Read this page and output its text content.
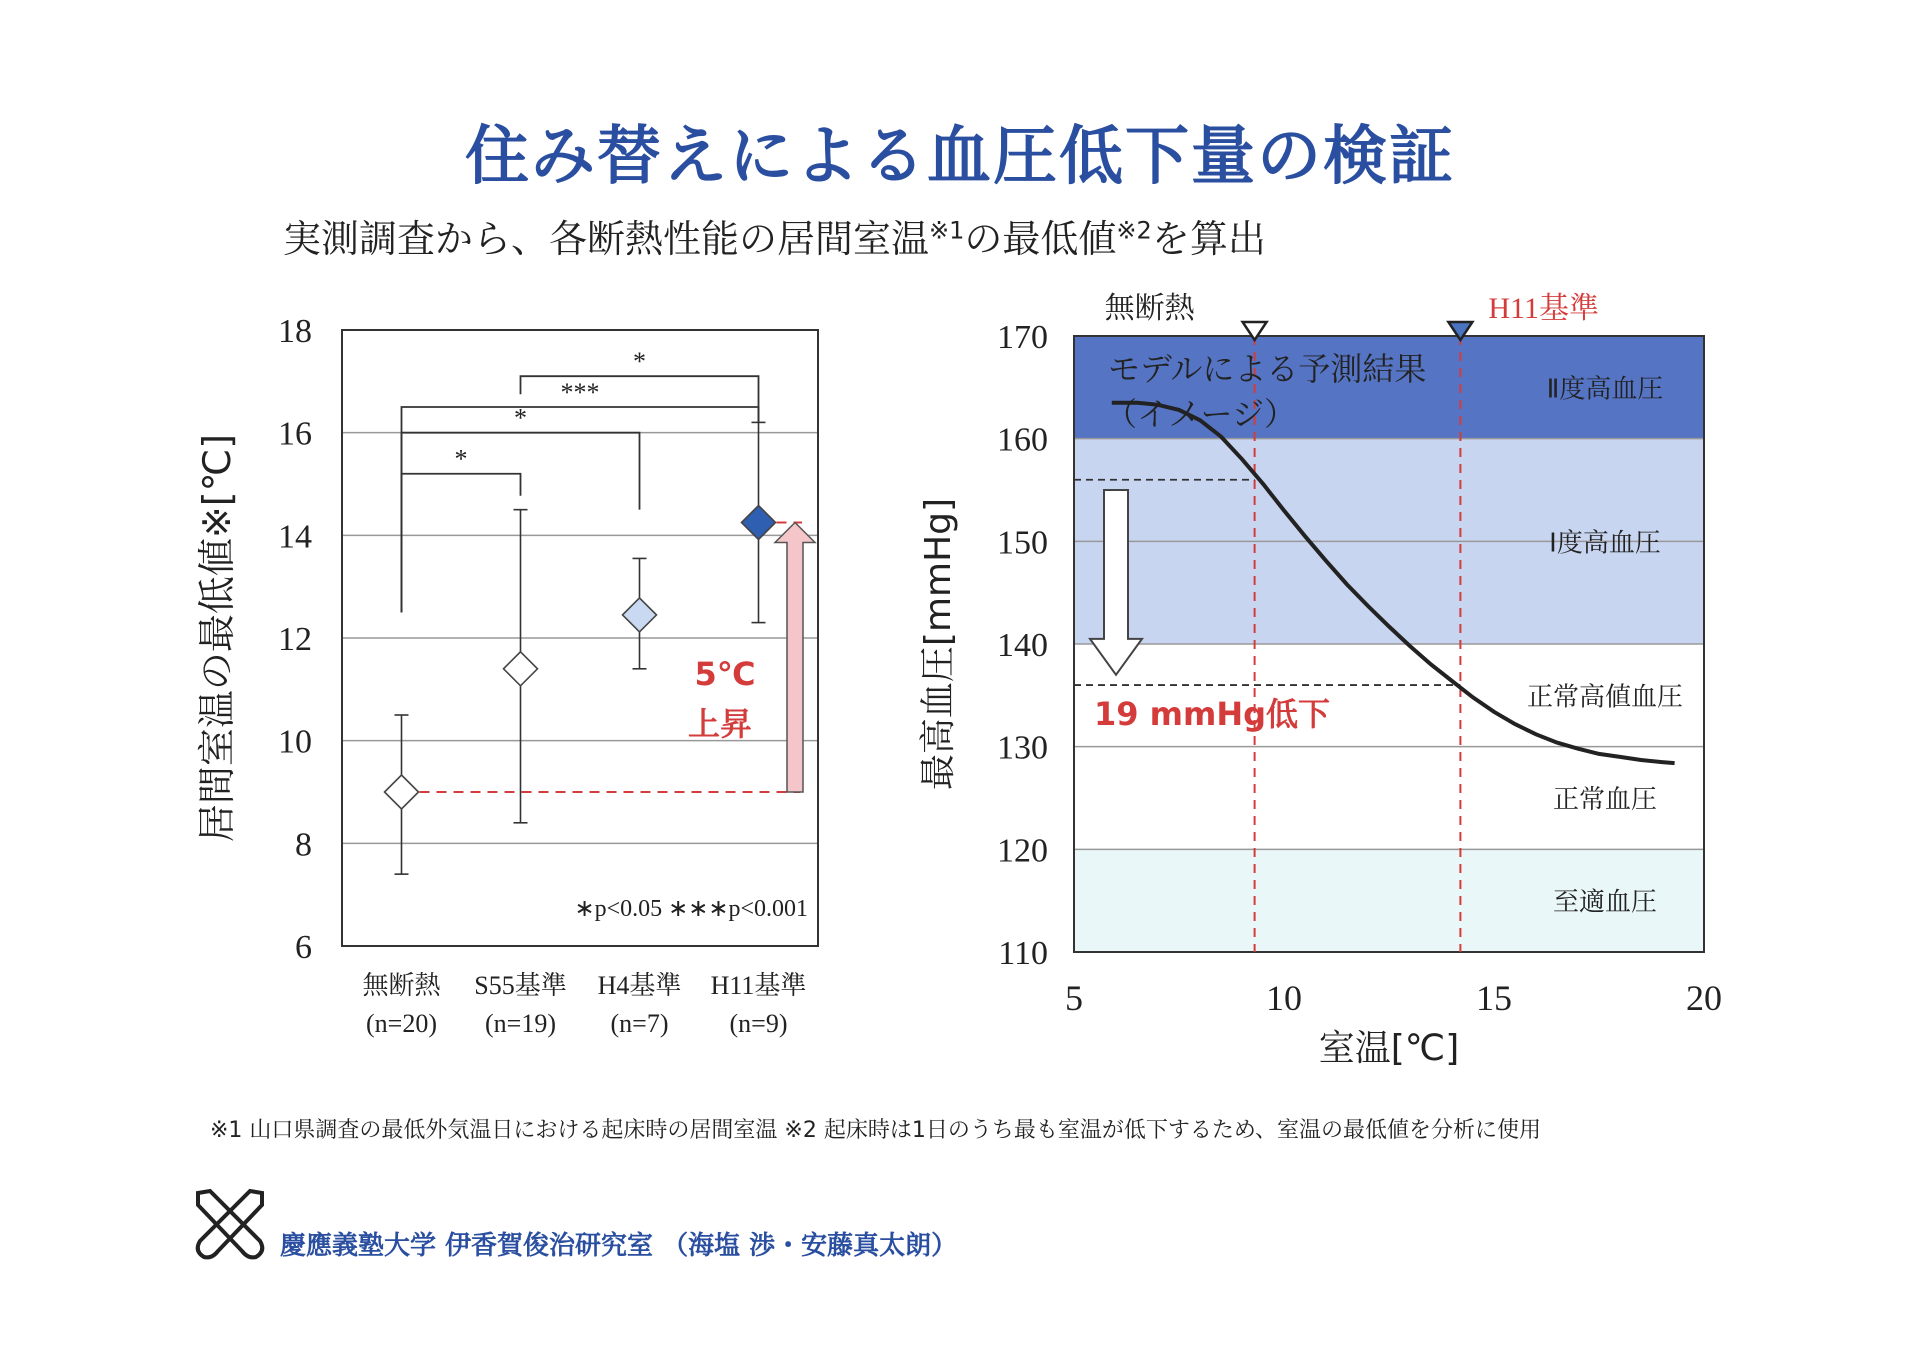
住み替えによる血圧低下量の検証
実測調査から、各断熱性能の居間室温$^{※1}$の最低値$^{※2}$を算出
6
8
10
12
14
16
18
居間室温の最低値※[℃]	*
*
***
*
無断熱
(n=20)
S55基準
(n=19)
H4基準
(n=7)
H11基準
(n=9)
∗p<0.05 ∗∗∗p<0.001
5℃
上昇
110
120
130
140
150
160
170
5	10	15	20
最高血圧[mmHg]
室温[℃]
Ⅱ度高血圧
Ⅰ度高血圧
正常高値血圧
正常血圧
至適血圧
無断熱	H11基準
モデルによる予測結果
（イメージ）
19 mmHg低下
※1 山口県調査の最低外気温日における起床時の居間室温 ※2 起床時は1日のうち最も室温が低下するため、室温の最低値を分析に使用
慶應義塾大学 伊香賀俊治研究室 （海塩 渉・安藤真太朗）
